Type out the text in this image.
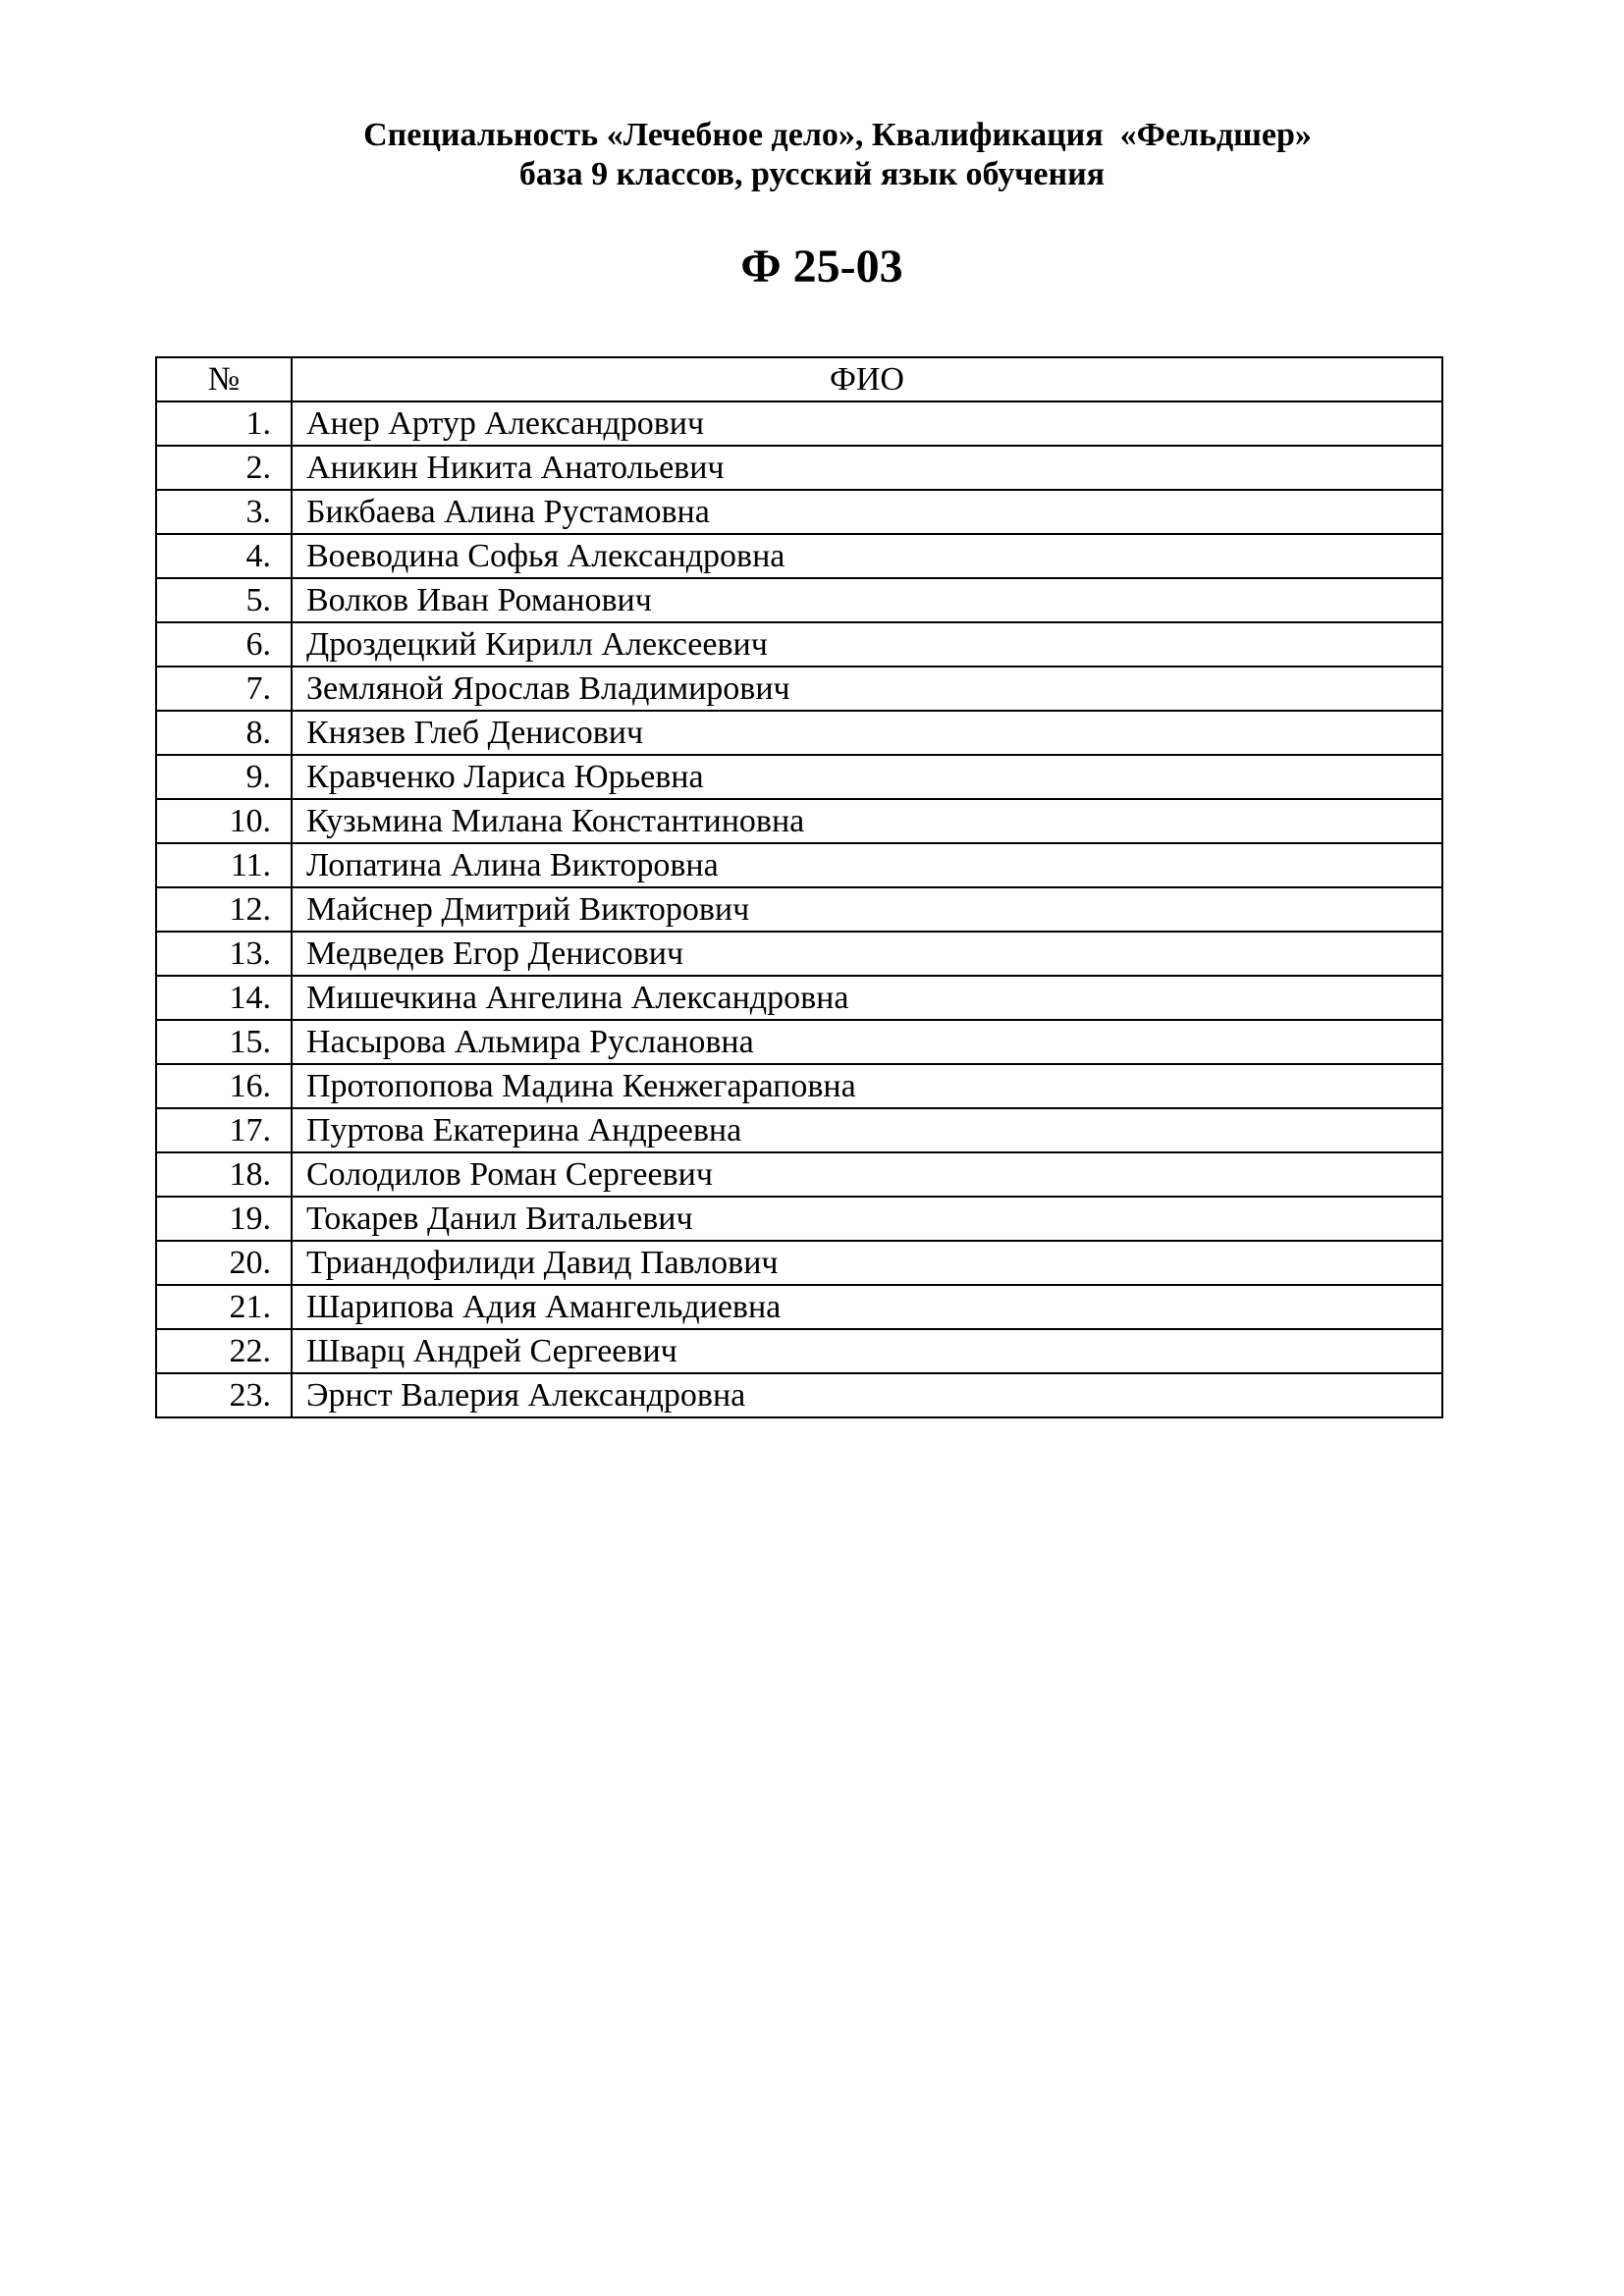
Специальность «Лечебное дело», Квалификация  «Фельдшер»
база 9 классов, русский язык обучения
Ф 25-03
№	ФИО
1.	Анер Артур Александрович
2.	Аникин Никита Анатольевич
3.	Бикбаева Алина Рустамовна
4.	Воеводина Софья Александровна
5.	Волков Иван Романович
6.	Дроздецкий Кирилл Алексеевич
7.	Земляной Ярослав Владимирович
8.	Князев Глеб Денисович
9.	Кравченко Лариса Юрьевна
10.	Кузьмина Милана Константиновна
11.	Лопатина Алина Викторовна
12.	Майснер Дмитрий Викторович
13.	Медведев Егор Денисович
14.	Мишечкина Ангелина Александровна
15.	Насырова Альмира Руслановна
16.	Протопопова Мадина Кенжегараповна
17.	Пуртова Екатерина Андреевна
18.	Солодилов Роман Сергеевич
19.	Токарев Данил Витальевич
20.	Триандофилиди Давид Павлович
21.	Шарипова Адия Амангельдиевна
22.	Шварц Андрей Сергеевич
23.	Эрнст Валерия Александровна
